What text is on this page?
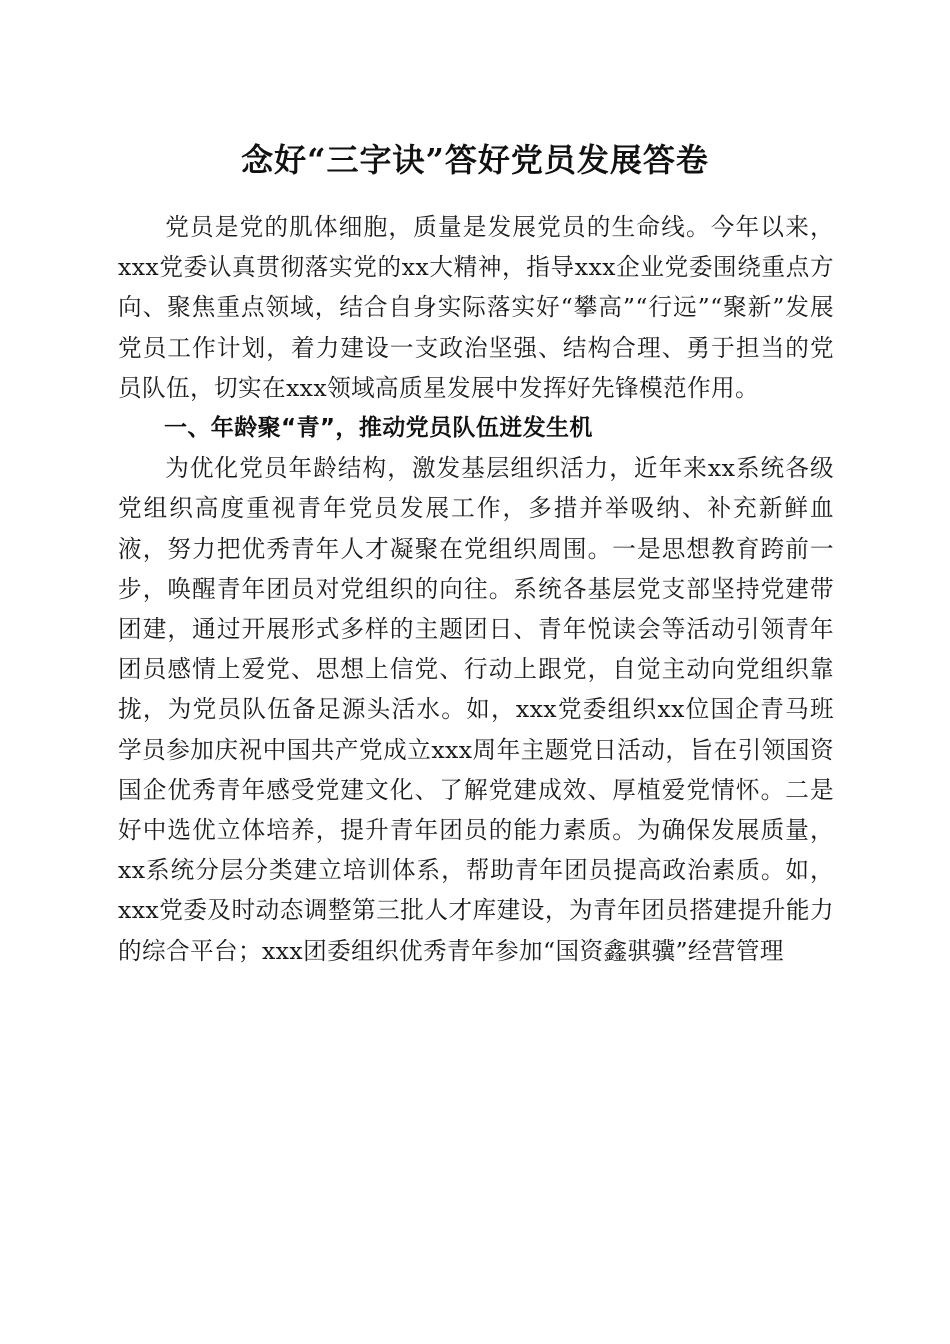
念好“三字诀”答好党员发展答卷

党员是党的肌体细胞，质量是发展党员的生命线。今年以来，xxx党委认真贯彻落实党的xx大精神，指导xxx企业党委围绕重点方向、聚焦重点领域，结合自身实际落实好“攀高”“行远”“聚新”发展党员工作计划，着力建设一支政治坚强、结构合理、勇于担当的党员队伍，切实在xxx领域高质星发展中发挥好先锋模范作用。

一、年龄聚“青”，推动党员队伍迸发生机

为优化党员年龄结构，激发基层组织活力，近年来xx系统各级党组织高度重视青年党员发展工作，多措并举吸纳、补充新鲜血液，努力把优秀青年人才凝聚在党组织周围。一是思想教育跨前一步，唤醒青年团员对党组织的向往。系统各基层党支部坚持党建带团建，通过开展形式多样的主题团日、青年悦读会等活动引领青年团员感情上爱党、思想上信党、行动上跟党，自觉主动向党组织靠拢，为党员队伍备足源头活水。如，xxx党委组织xx位国企青马班学员参加庆祝中国共产党成立xxx周年主题党日活动，旨在引领国资国企优秀青年感受党建文化、了解党建成效、厚植爱党情怀。二是好中选优立体培养，提升青年团员的能力素质。为确保发展质量，xx系统分层分类建立培训体系，帮助青年团员提高政治素质。如，xxx党委及时动态调整第三批人才库建设，为青年团员搭建提升能力的综合平台；xxx团委组织优秀青年参加“国资鑫骐骥”经营管理
